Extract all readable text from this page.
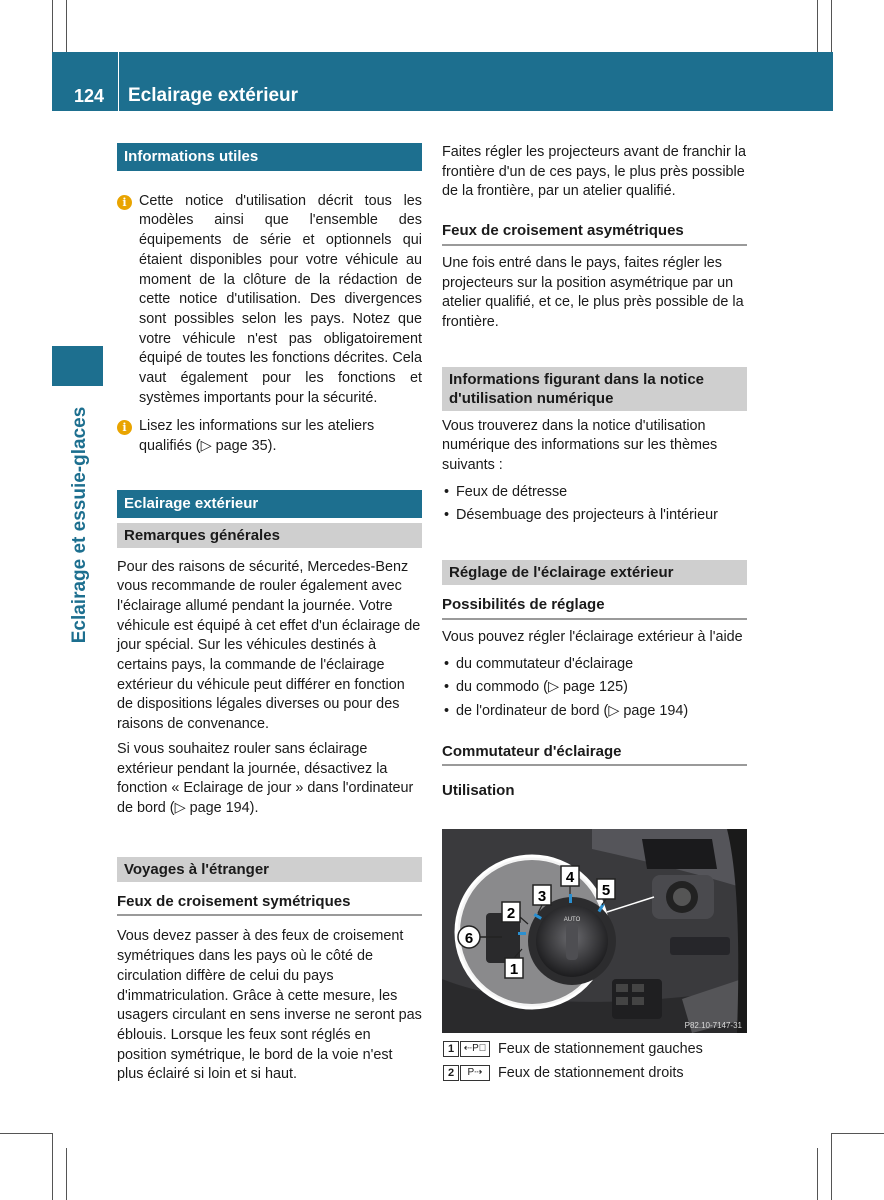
124 Eclairage extérieur
Eclairage et essuie-glaces
Informations utiles
i Cette notice d'utilisation décrit tous les modèles ainsi que l'ensemble des équipements de série et optionnels qui étaient disponibles pour votre véhicule au moment de la clôture de la rédaction de cette notice d'utilisation. Des divergences sont possibles selon les pays. Notez que votre véhicule n'est pas obligatoirement équipé de toutes les fonctions décrites. Cela vaut également pour les fonctions et systèmes importants pour la sécurité.

i Lisez les informations sur les ateliers qualifiés (▷ page 35).

Eclairage extérieur
Remarques générales

Pour des raisons de sécurité, Mercedes-Benz vous recommande de rouler également avec l'éclairage allumé pendant la journée. Votre véhicule est équipé à cet effet d'un éclairage de jour spécial. Sur les véhicules destinés à certains pays, la commande de l'éclairage extérieur du véhicule peut différer en fonction de dispositions légales diverses ou pour des raisons de convenance.

Si vous souhaitez rouler sans éclairage extérieur pendant la journée, désactivez la fonction « Eclairage de jour » dans l'ordinateur de bord (▷ page 194).

Voyages à l'étranger
Feux de croisement symétriques

Vous devez passer à des feux de croisement symétriques dans les pays où le côté de circulation diffère de celui du pays d'immatriculation. Grâce à cette mesure, les usagers circulant en sens inverse ne seront pas éblouis. Lorsque les feux sont réglés en position symétrique, le bord de la voie n'est plus éclairé si loin et si haut.

Faites régler les projecteurs avant de franchir la frontière d'un de ces pays, le plus près possible de la frontière, par un atelier qualifié.

Feux de croisement asymétriques

Une fois entré dans le pays, faites régler les projecteurs sur la position asymétrique par un atelier qualifié, et ce, le plus près possible de la frontière.

Informations figurant dans la notice d'utilisation numérique

Vous trouverez dans la notice d'utilisation numérique des informations sur les thèmes suivants :

• Feux de détresse
• Désembuage des projecteurs à l'intérieur
Réglage de l'éclairage extérieur
Possibilités de réglage

Vous pouvez régler l'éclairage extérieur à l'aide

• du commutateur d'éclairage
• du commodo (▷ page 125)
• de l'ordinateur de bord (▷ page 194)
Commutateur d'éclairage
Utilisation
AUTO
2
3
4
5
1
6
P82.10-7147-31
1 ⇠P⃕ Feux de stationnement gauches
2	P⇢	Feux de stationnement droits
